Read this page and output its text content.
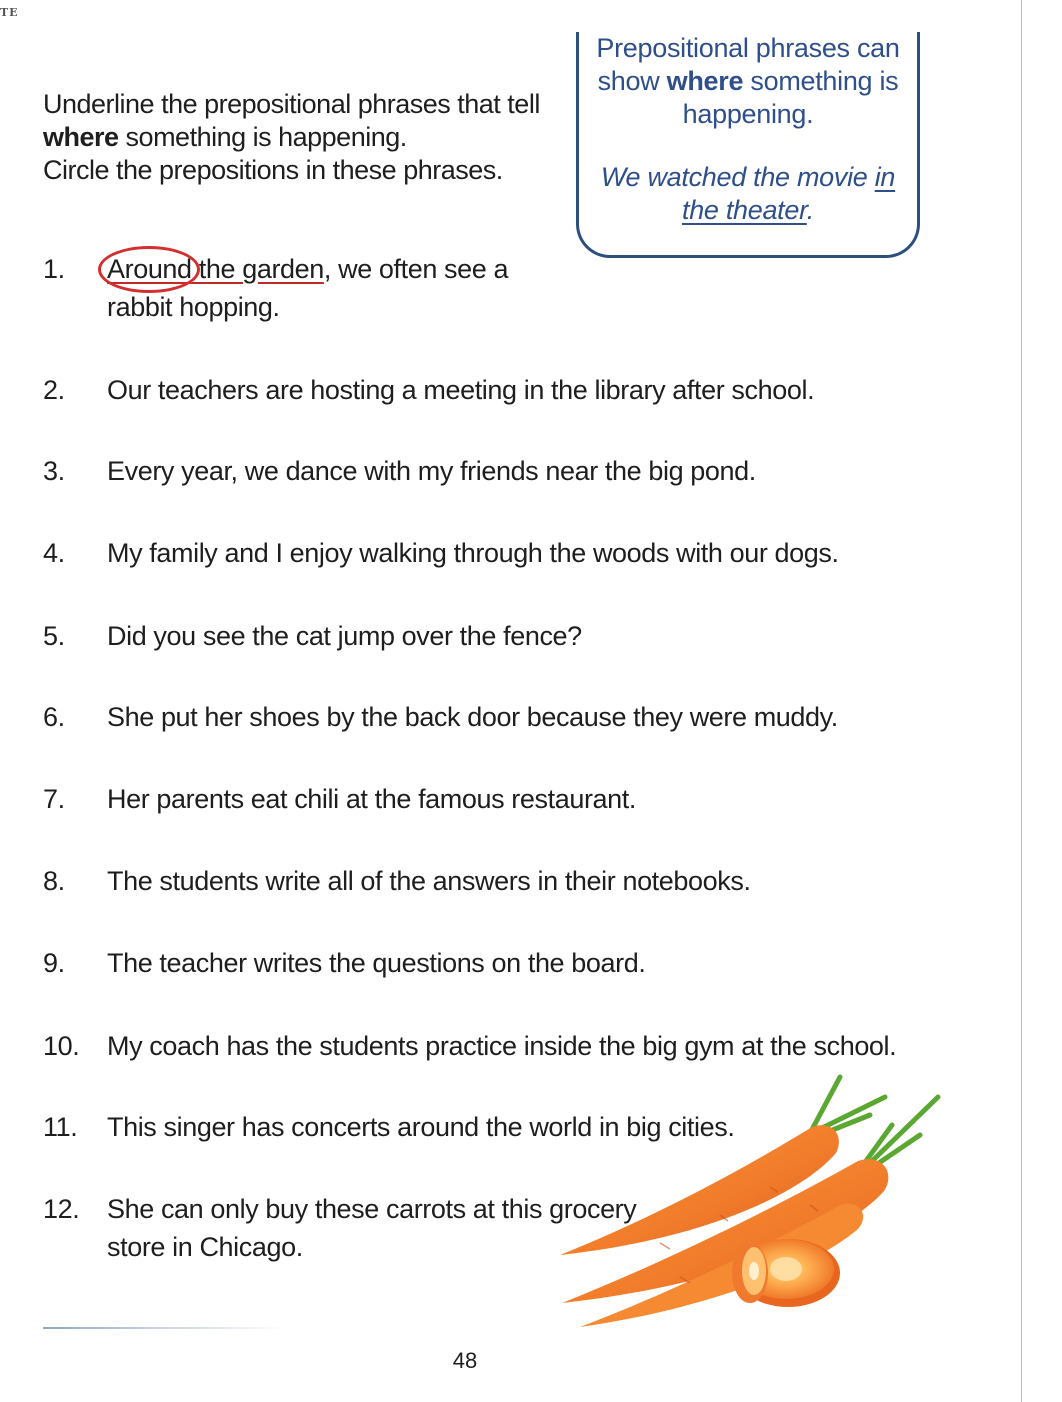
TE

Underline the prepositional phrases that tell

where something is happening.

Circle the prepositions in these phrases.

Prepositional phrases can show where something is happening.

We watched the movie in the theater.

1.	Around the garden, we often see a
rabbit hopping.
2.	Our teachers are hosting a meeting in the library after school.
3.	Every year, we dance with my friends near the big pond.
4.	My family and I enjoy walking through the woods with our dogs.
5.	Did you see the cat jump over the fence?
6.	She put her shoes by the back door because they were muddy.
7.	Her parents eat chili at the famous restaurant.
8.	The students write all of the answers in their notebooks.
9.	The teacher writes the questions on the board.
10.	My coach has the students practice inside the big gym at the school.
11.	This singer has concerts around the world in big cities.
12.	She can only buy these carrots at this grocery
store in Chicago.
48
